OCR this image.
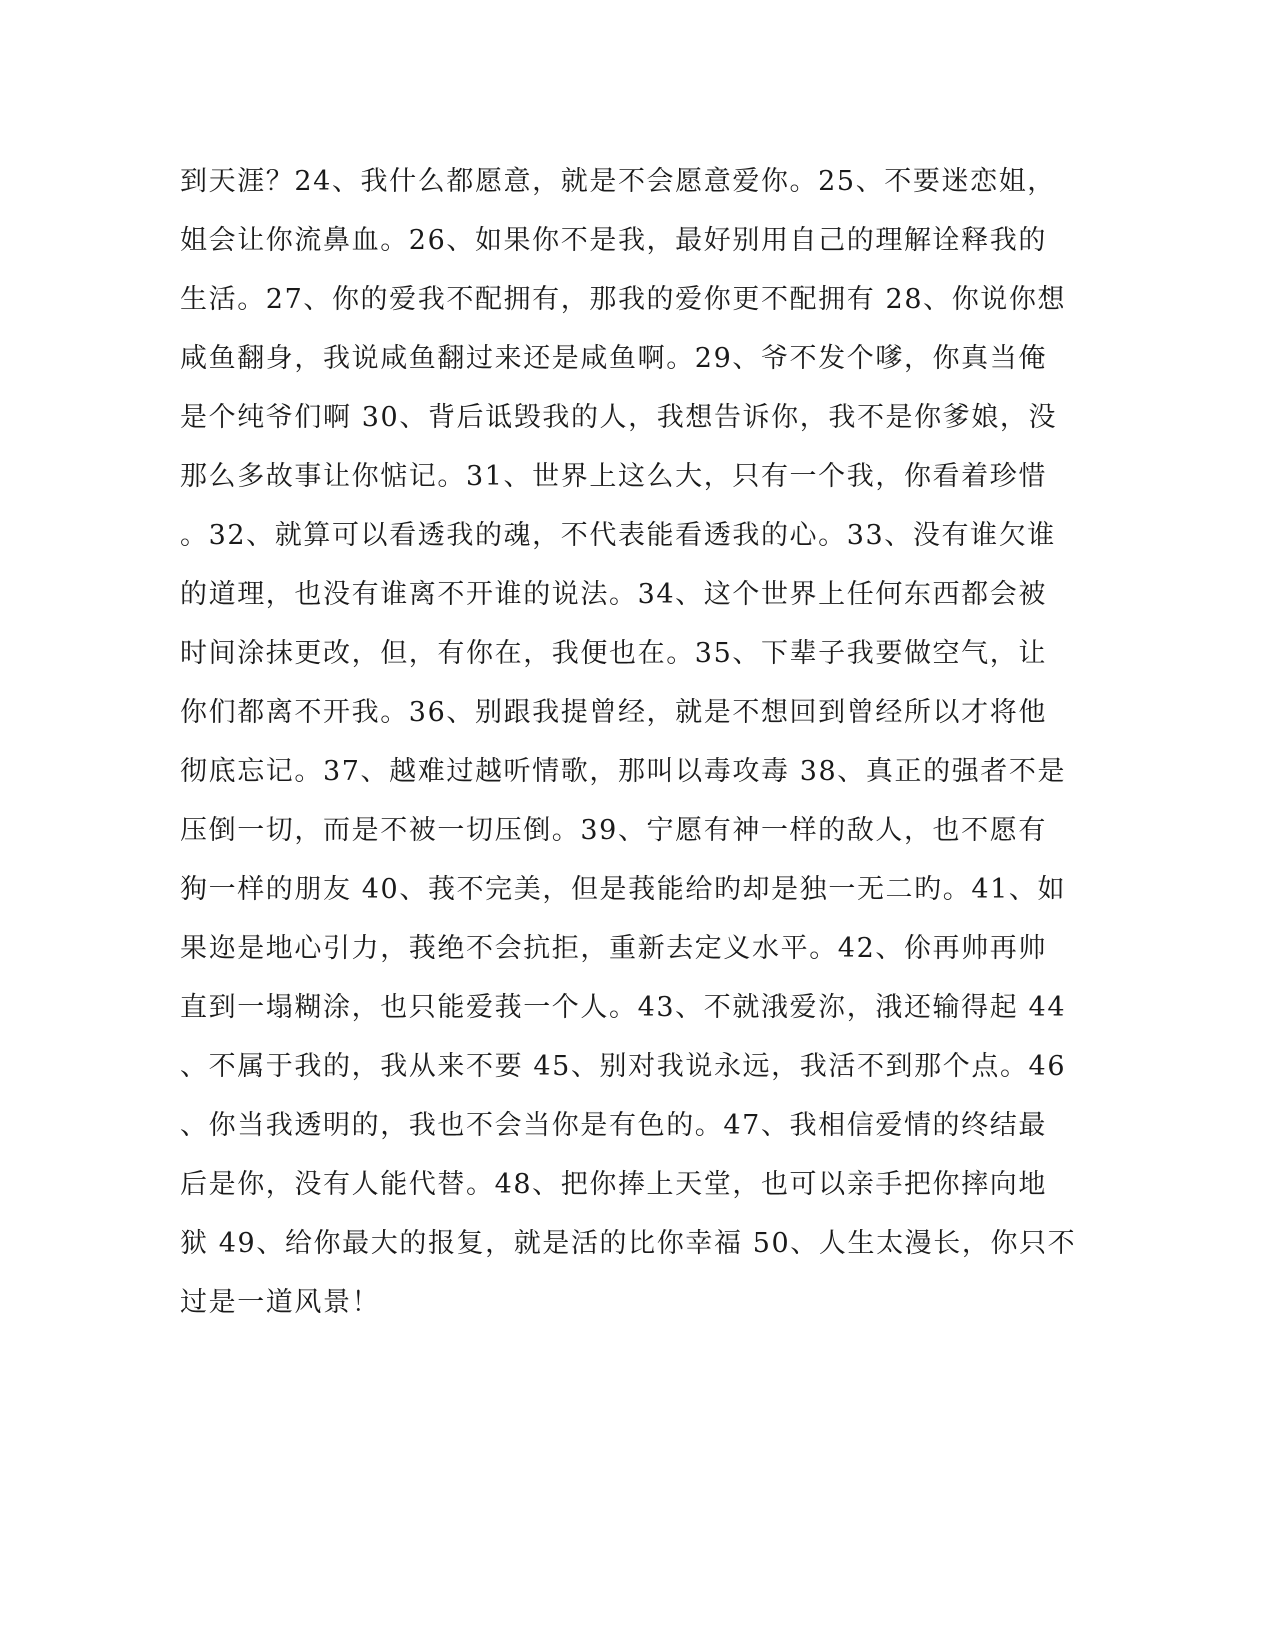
到天涯？24、我什么都愿意，就是不会愿意爱你。25、不要迷恋姐，
姐会让你流鼻血。26、如果你不是我，最好别用自己的理解诠释我的
生活。27、你的爱我不配拥有，那我的爱你更不配拥有 28、你说你想
咸鱼翻身，我说咸鱼翻过来还是咸鱼啊。29、爷不发个嗲，你真当俺
是个纯爷们啊 30、背后诋毁我的人，我想告诉你，我不是你爹娘，没
那么多故事让你惦记。31、世界上这么大，只有一个我，你看着珍惜
。32、就算可以看透我的魂，不代表能看透我的心。33、没有谁欠谁
的道理，也没有谁离不开谁的说法。34、这个世界上任何东西都会被
时间涂抹更改，但，有你在，我便也在。35、下辈子我要做空气，让
你们都离不开我。36、别跟我提曾经，就是不想回到曾经所以才将他
彻底忘记。37、越难过越听情歌，那叫以毒攻毒 38、真正的强者不是
压倒一切，而是不被一切压倒。39、宁愿有神一样的敌人，也不愿有
狗一样的朋友 40、莪不完美，但是莪能给旳却是独一无二旳。41、如
果迩是地心引力，莪绝不会抗拒，重新去定义水平。42、伱再帅再帅
直到一塌糊涂，也只能爱莪一个人。43、不就涐爱沵，涐还输得起 44
、不属于我的，我从来不要 45、别对我说永远，我活不到那个点。46
、你当我透明的，我也不会当你是有色的。47、我相信爱情的终结最
后是你，没有人能代替。48、把你捧上天堂，也可以亲手把你摔向地
狱 49、给你最大的报复，就是活的比你幸福 50、人生太漫长，你只不
过是一道风景！
